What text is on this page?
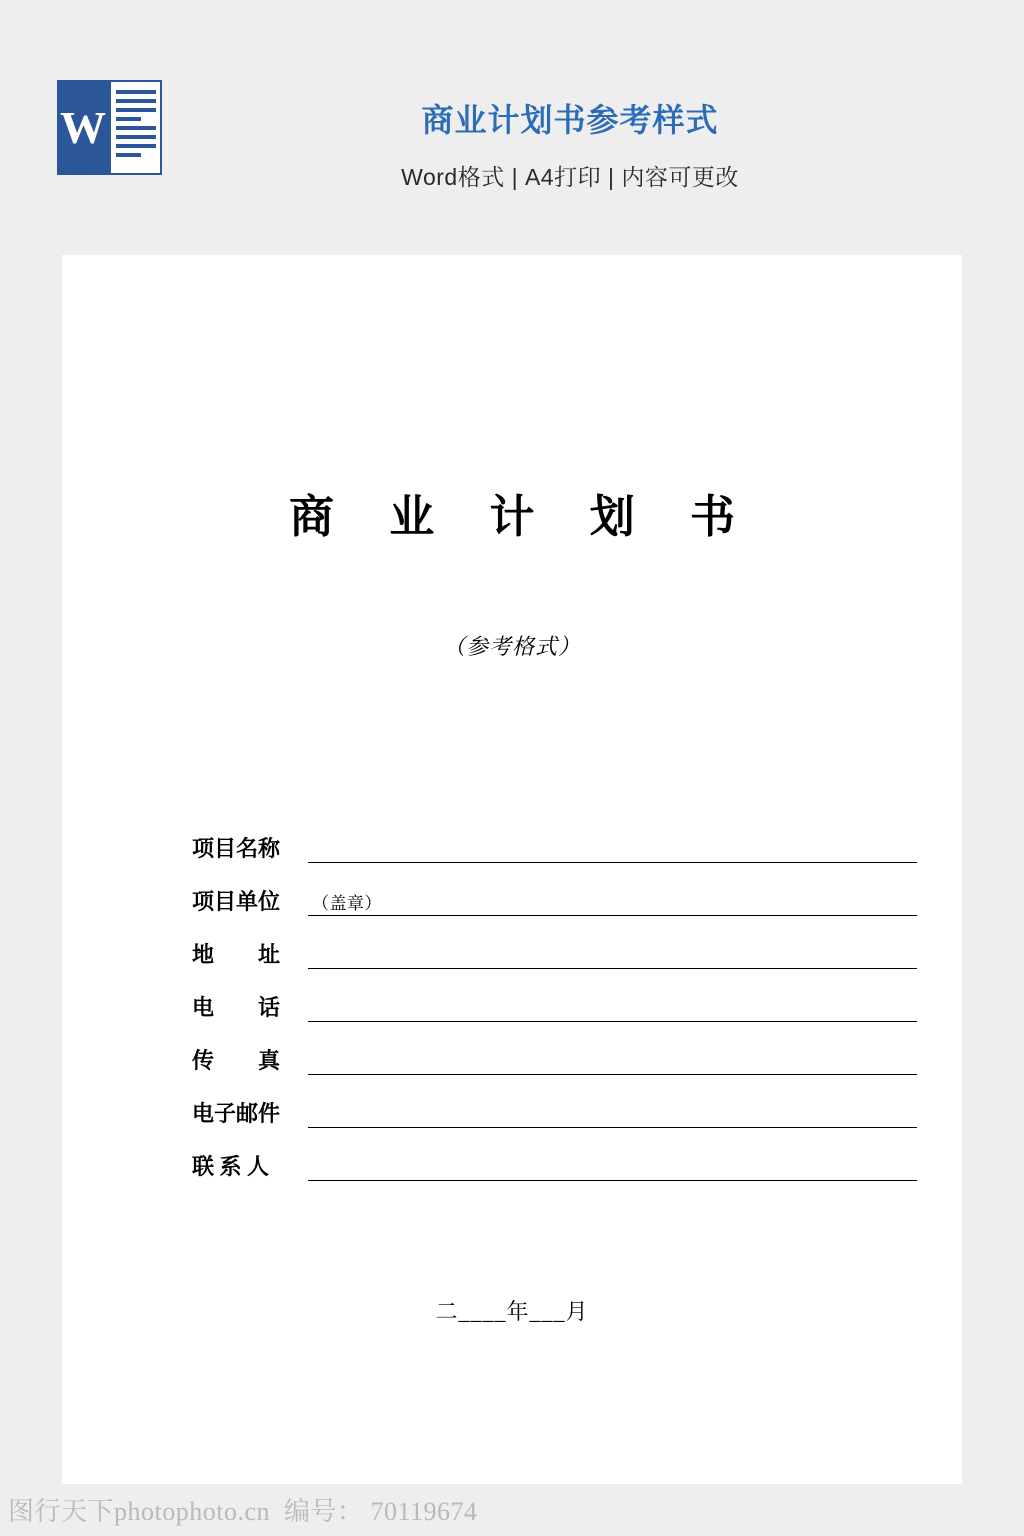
W	商业计划书参考样式
Word格式 | A4打印 | 内容可更改
商 业 计 划 书
（参考格式）
项目名称
项目单位	（盖章）
地　　址
电　　话
传　　真
电子邮件
联 系 人
二____年___月
图行天下photophoto.cn  编号： 70119674
